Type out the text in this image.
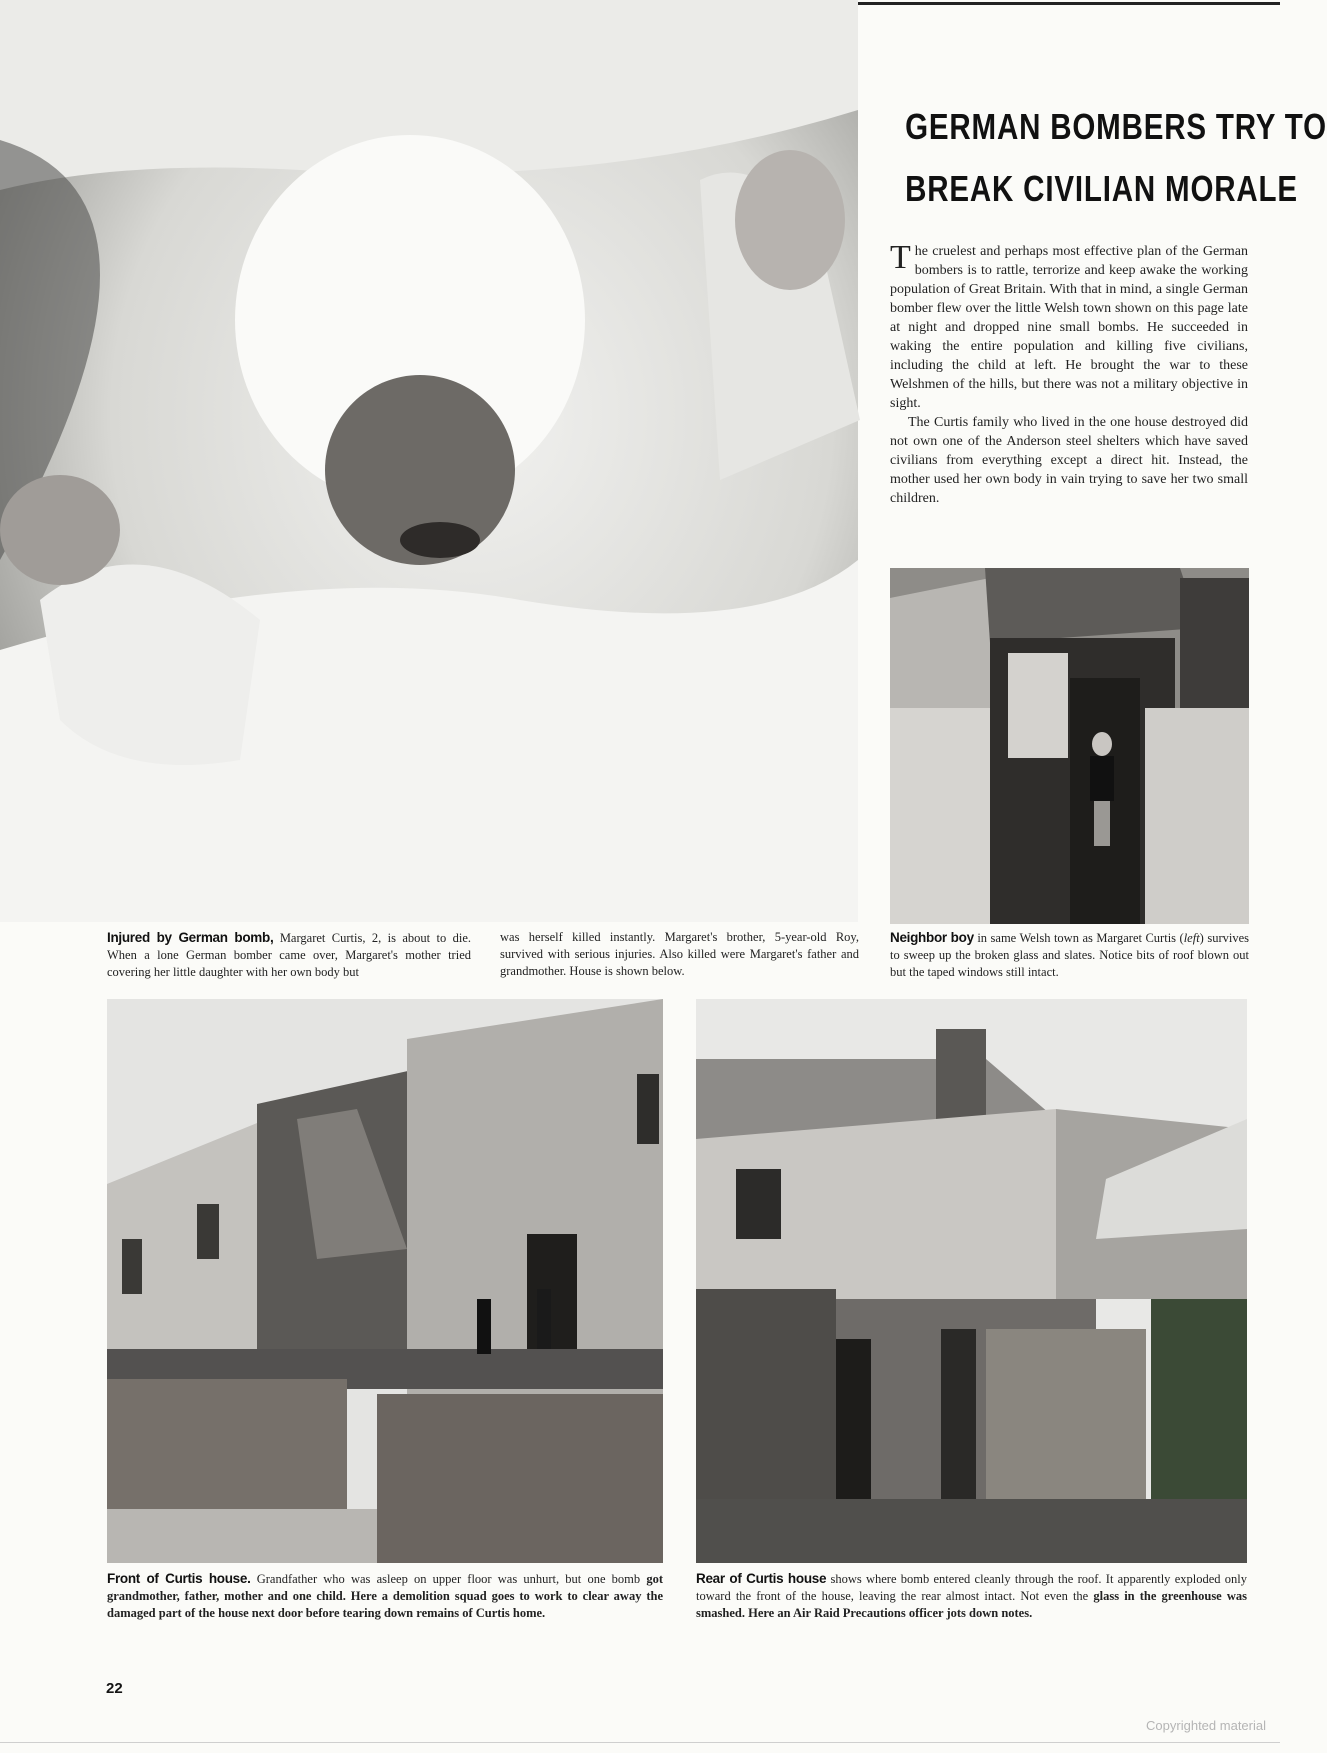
GERMAN BOMBERS TRY TO
BREAK CIVILIAN MORALE

The cruelest and perhaps most effective plan of the German bombers is to rattle, terrorize and keep awake the working population of Great Britain. With that in mind, a single German bomber flew over the little Welsh town shown on this page late at night and dropped nine small bombs. He succeeded in waking the entire population and killing five civilians, including the child at left. He brought the war to these Welshmen of the hills, but there was not a military objective in sight.

The Curtis family who lived in the one house destroyed did not own one of the Anderson steel shelters which have saved civilians from everything except a direct hit. Instead, the mother used her own body in vain trying to save her two small children.

Injured by German bomb, Margaret Curtis, 2, is about to die. When a lone German bomber came over, Margaret's mother tried covering her little daughter with her own body but
was herself killed instantly. Margaret's brother, 5-year-old Roy, survived with serious injuries. Also killed were Margaret's father and grandmother. House is shown below.
Neighbor boy in same Welsh town as Margaret Curtis (left) survives to sweep up the broken glass and slates. Notice bits of roof blown out but the taped windows still intact.
Front of Curtis house. Grandfather who was asleep on upper floor was unhurt, but one bomb got grandmother, father, mother and one child. Here a demolition squad goes to work to clear away the damaged part of the house next door before tearing down remains of Curtis home.
Rear of Curtis house shows where bomb entered cleanly through the roof. It apparently exploded only toward the front of the house, leaving the rear almost intact. Not even the glass in the greenhouse was smashed. Here an Air Raid Precautions officer jots down notes.
22
Copyrighted material
